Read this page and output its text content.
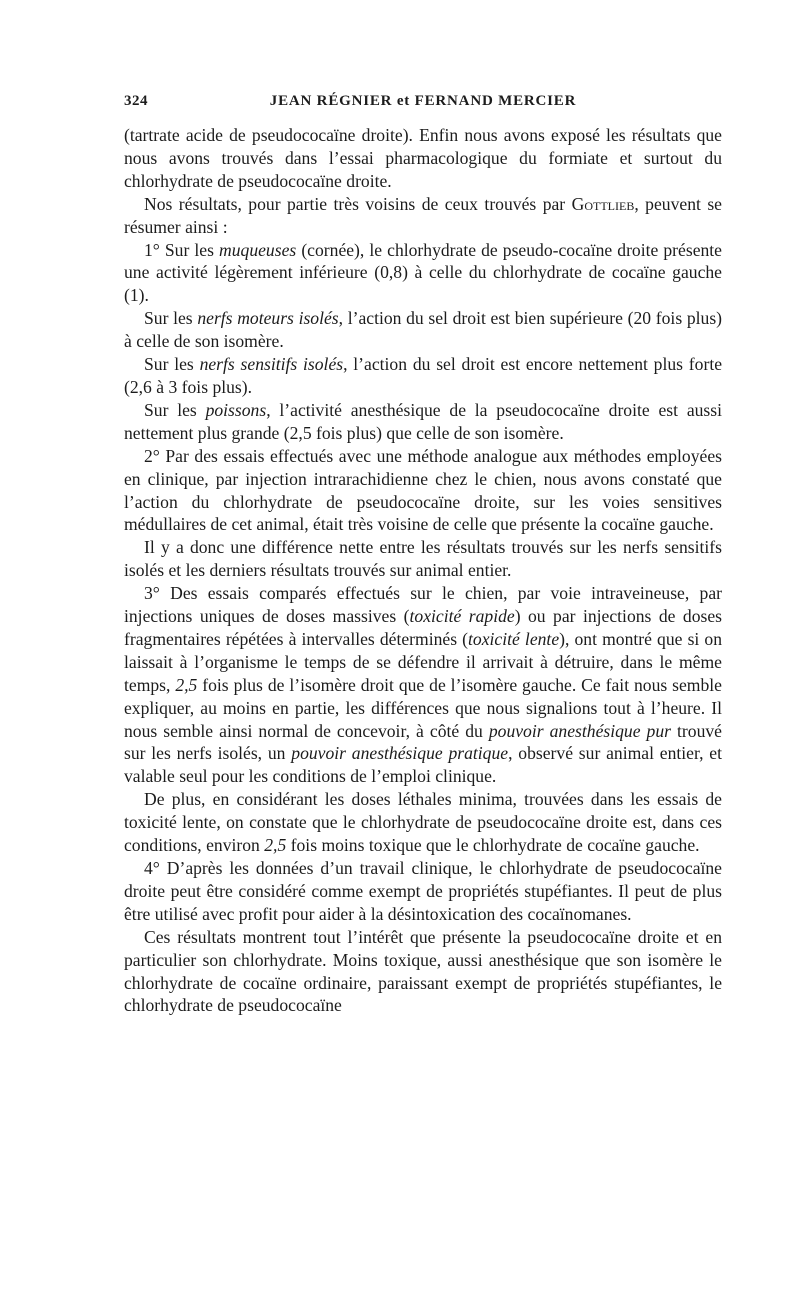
324	JEAN RÉGNIER et FERNAND MERCIER

(tartrate acide de pseudococaïne droite). Enfin nous avons exposé les résultats que nous avons trouvés dans l’essai pharmacologique du formiate et surtout du chlorhydrate de pseudococaïne droite.

Nos résultats, pour partie très voisins de ceux trouvés par Gottlieb, peuvent se résumer ainsi :

1° Sur les muqueuses (cornée), le chlorhydrate de pseudo-cocaïne droite présente une activité légèrement inférieure (0,8) à celle du chlorhydrate de cocaïne gauche (1).

Sur les nerfs moteurs isolés, l’action du sel droit est bien supérieure (20 fois plus) à celle de son isomère.

Sur les nerfs sensitifs isolés, l’action du sel droit est encore nettement plus forte (2,6 à 3 fois plus).

Sur les poissons, l’activité anesthésique de la pseudococaïne droite est aussi nettement plus grande (2,5 fois plus) que celle de son isomère.

2° Par des essais effectués avec une méthode analogue aux méthodes employées en clinique, par injection intrarachidienne chez le chien, nous avons constaté que l’action du chlorhydrate de pseudococaïne droite, sur les voies sensitives médullaires de cet animal, était très voisine de celle que présente la cocaïne gauche.

Il y a donc une différence nette entre les résultats trouvés sur les nerfs sensitifs isolés et les derniers résultats trouvés sur animal entier.

3° Des essais comparés effectués sur le chien, par voie intraveineuse, par injections uniques de doses massives (toxicité rapide) ou par injections de doses fragmentaires répétées à intervalles déterminés (toxicité lente), ont montré que si on laissait à l’organisme le temps de se défendre il arrivait à détruire, dans le même temps, 2,5 fois plus de l’isomère droit que de l’isomère gauche. Ce fait nous semble expliquer, au moins en partie, les différences que nous signalions tout à l’heure. Il nous semble ainsi normal de concevoir, à côté du pouvoir anesthésique pur trouvé sur les nerfs isolés, un pouvoir anesthésique pratique, observé sur animal entier, et valable seul pour les conditions de l’emploi clinique.

De plus, en considérant les doses léthales minima, trouvées dans les essais de toxicité lente, on constate que le chlorhydrate de pseudococaïne droite est, dans ces conditions, environ 2,5 fois moins toxique que le chlorhydrate de cocaïne gauche.

4° D’après les données d’un travail clinique, le chlorhydrate de pseudococaïne droite peut être considéré comme exempt de propriétés stupéfiantes. Il peut de plus être utilisé avec profit pour aider à la désintoxication des cocaïnomanes.

Ces résultats montrent tout l’intérêt que présente la pseudococaïne droite et en particulier son chlorhydrate. Moins toxique, aussi anesthésique que son isomère le chlorhydrate de cocaïne ordinaire, paraissant exempt de propriétés stupéfiantes, le chlorhydrate de pseudococaïne
